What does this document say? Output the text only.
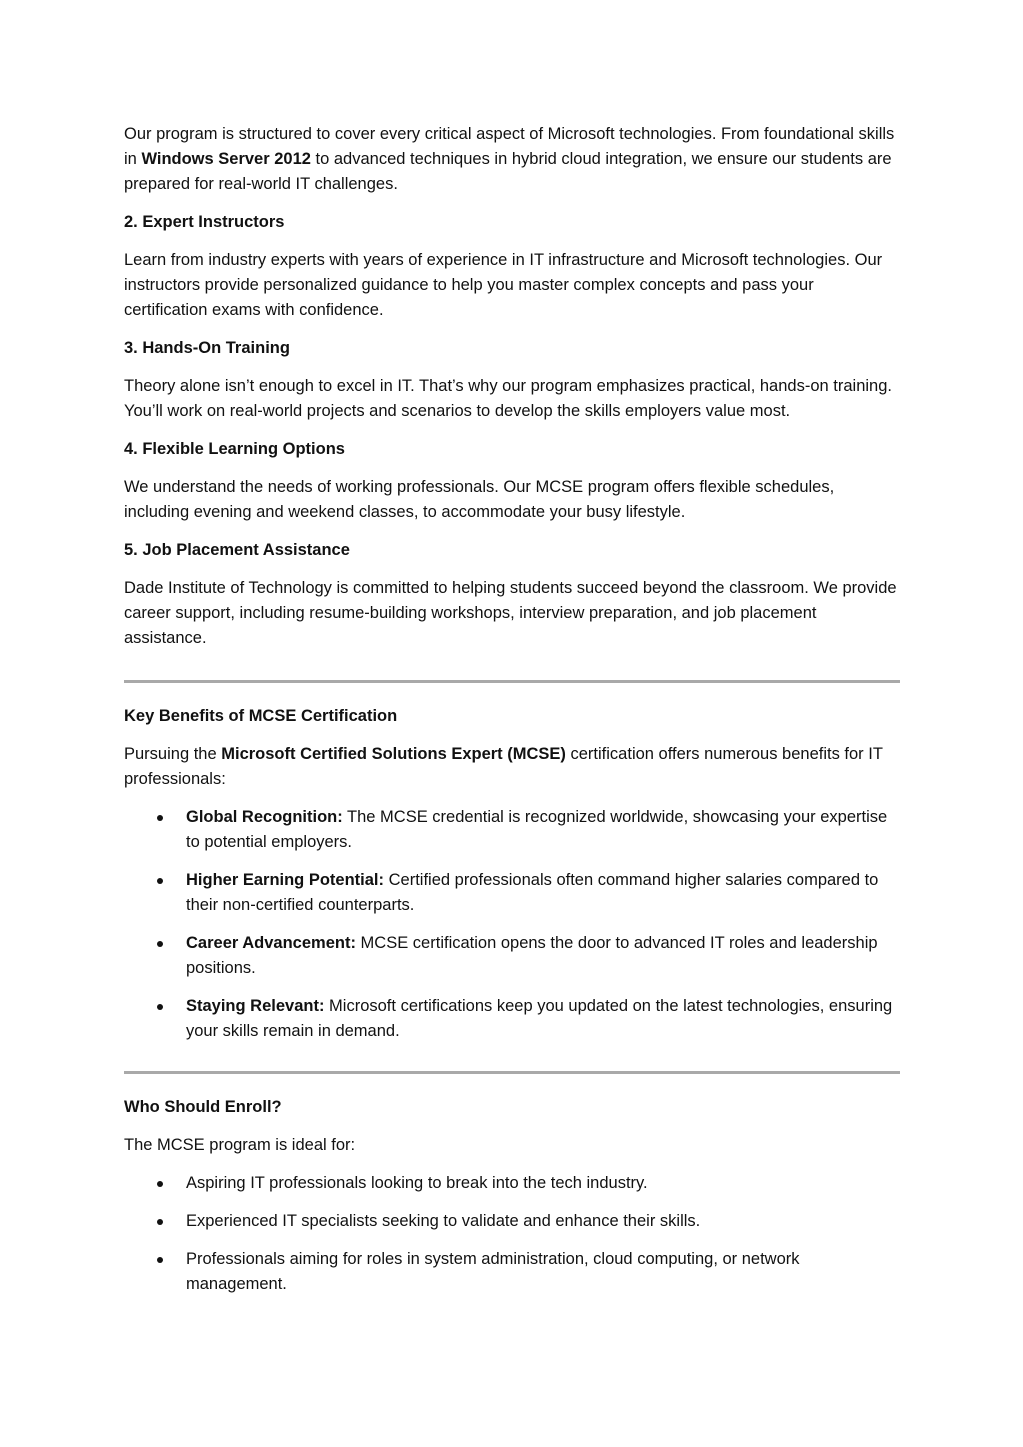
Our program is structured to cover every critical aspect of Microsoft technologies. From foundational skills in Windows Server 2012 to advanced techniques in hybrid cloud integration, we ensure our students are prepared for real-world IT challenges.

2. Expert Instructors

Learn from industry experts with years of experience in IT infrastructure and Microsoft technologies. Our instructors provide personalized guidance to help you master complex concepts and pass your certification exams with confidence.

3. Hands-On Training

Theory alone isn’t enough to excel in IT. That’s why our program emphasizes practical, hands-on training. You’ll work on real-world projects and scenarios to develop the skills employers value most.

4. Flexible Learning Options

We understand the needs of working professionals. Our MCSE program offers flexible schedules, including evening and weekend classes, to accommodate your busy lifestyle.

5. Job Placement Assistance

Dade Institute of Technology is committed to helping students succeed beyond the classroom. We provide career support, including resume-building workshops, interview preparation, and job placement assistance.

Key Benefits of MCSE Certification

Pursuing the Microsoft Certified Solutions Expert (MCSE) certification offers numerous benefits for IT professionals:

Global Recognition: The MCSE credential is recognized worldwide, showcasing your expertise to potential employers.
Higher Earning Potential: Certified professionals often command higher salaries compared to their non-certified counterparts.
Career Advancement: MCSE certification opens the door to advanced IT roles and leadership positions.
Staying Relevant: Microsoft certifications keep you updated on the latest technologies, ensuring your skills remain in demand.

Who Should Enroll?

The MCSE program is ideal for:

Aspiring IT professionals looking to break into the tech industry.
Experienced IT specialists seeking to validate and enhance their skills.
Professionals aiming for roles in system administration, cloud computing, or network management.
